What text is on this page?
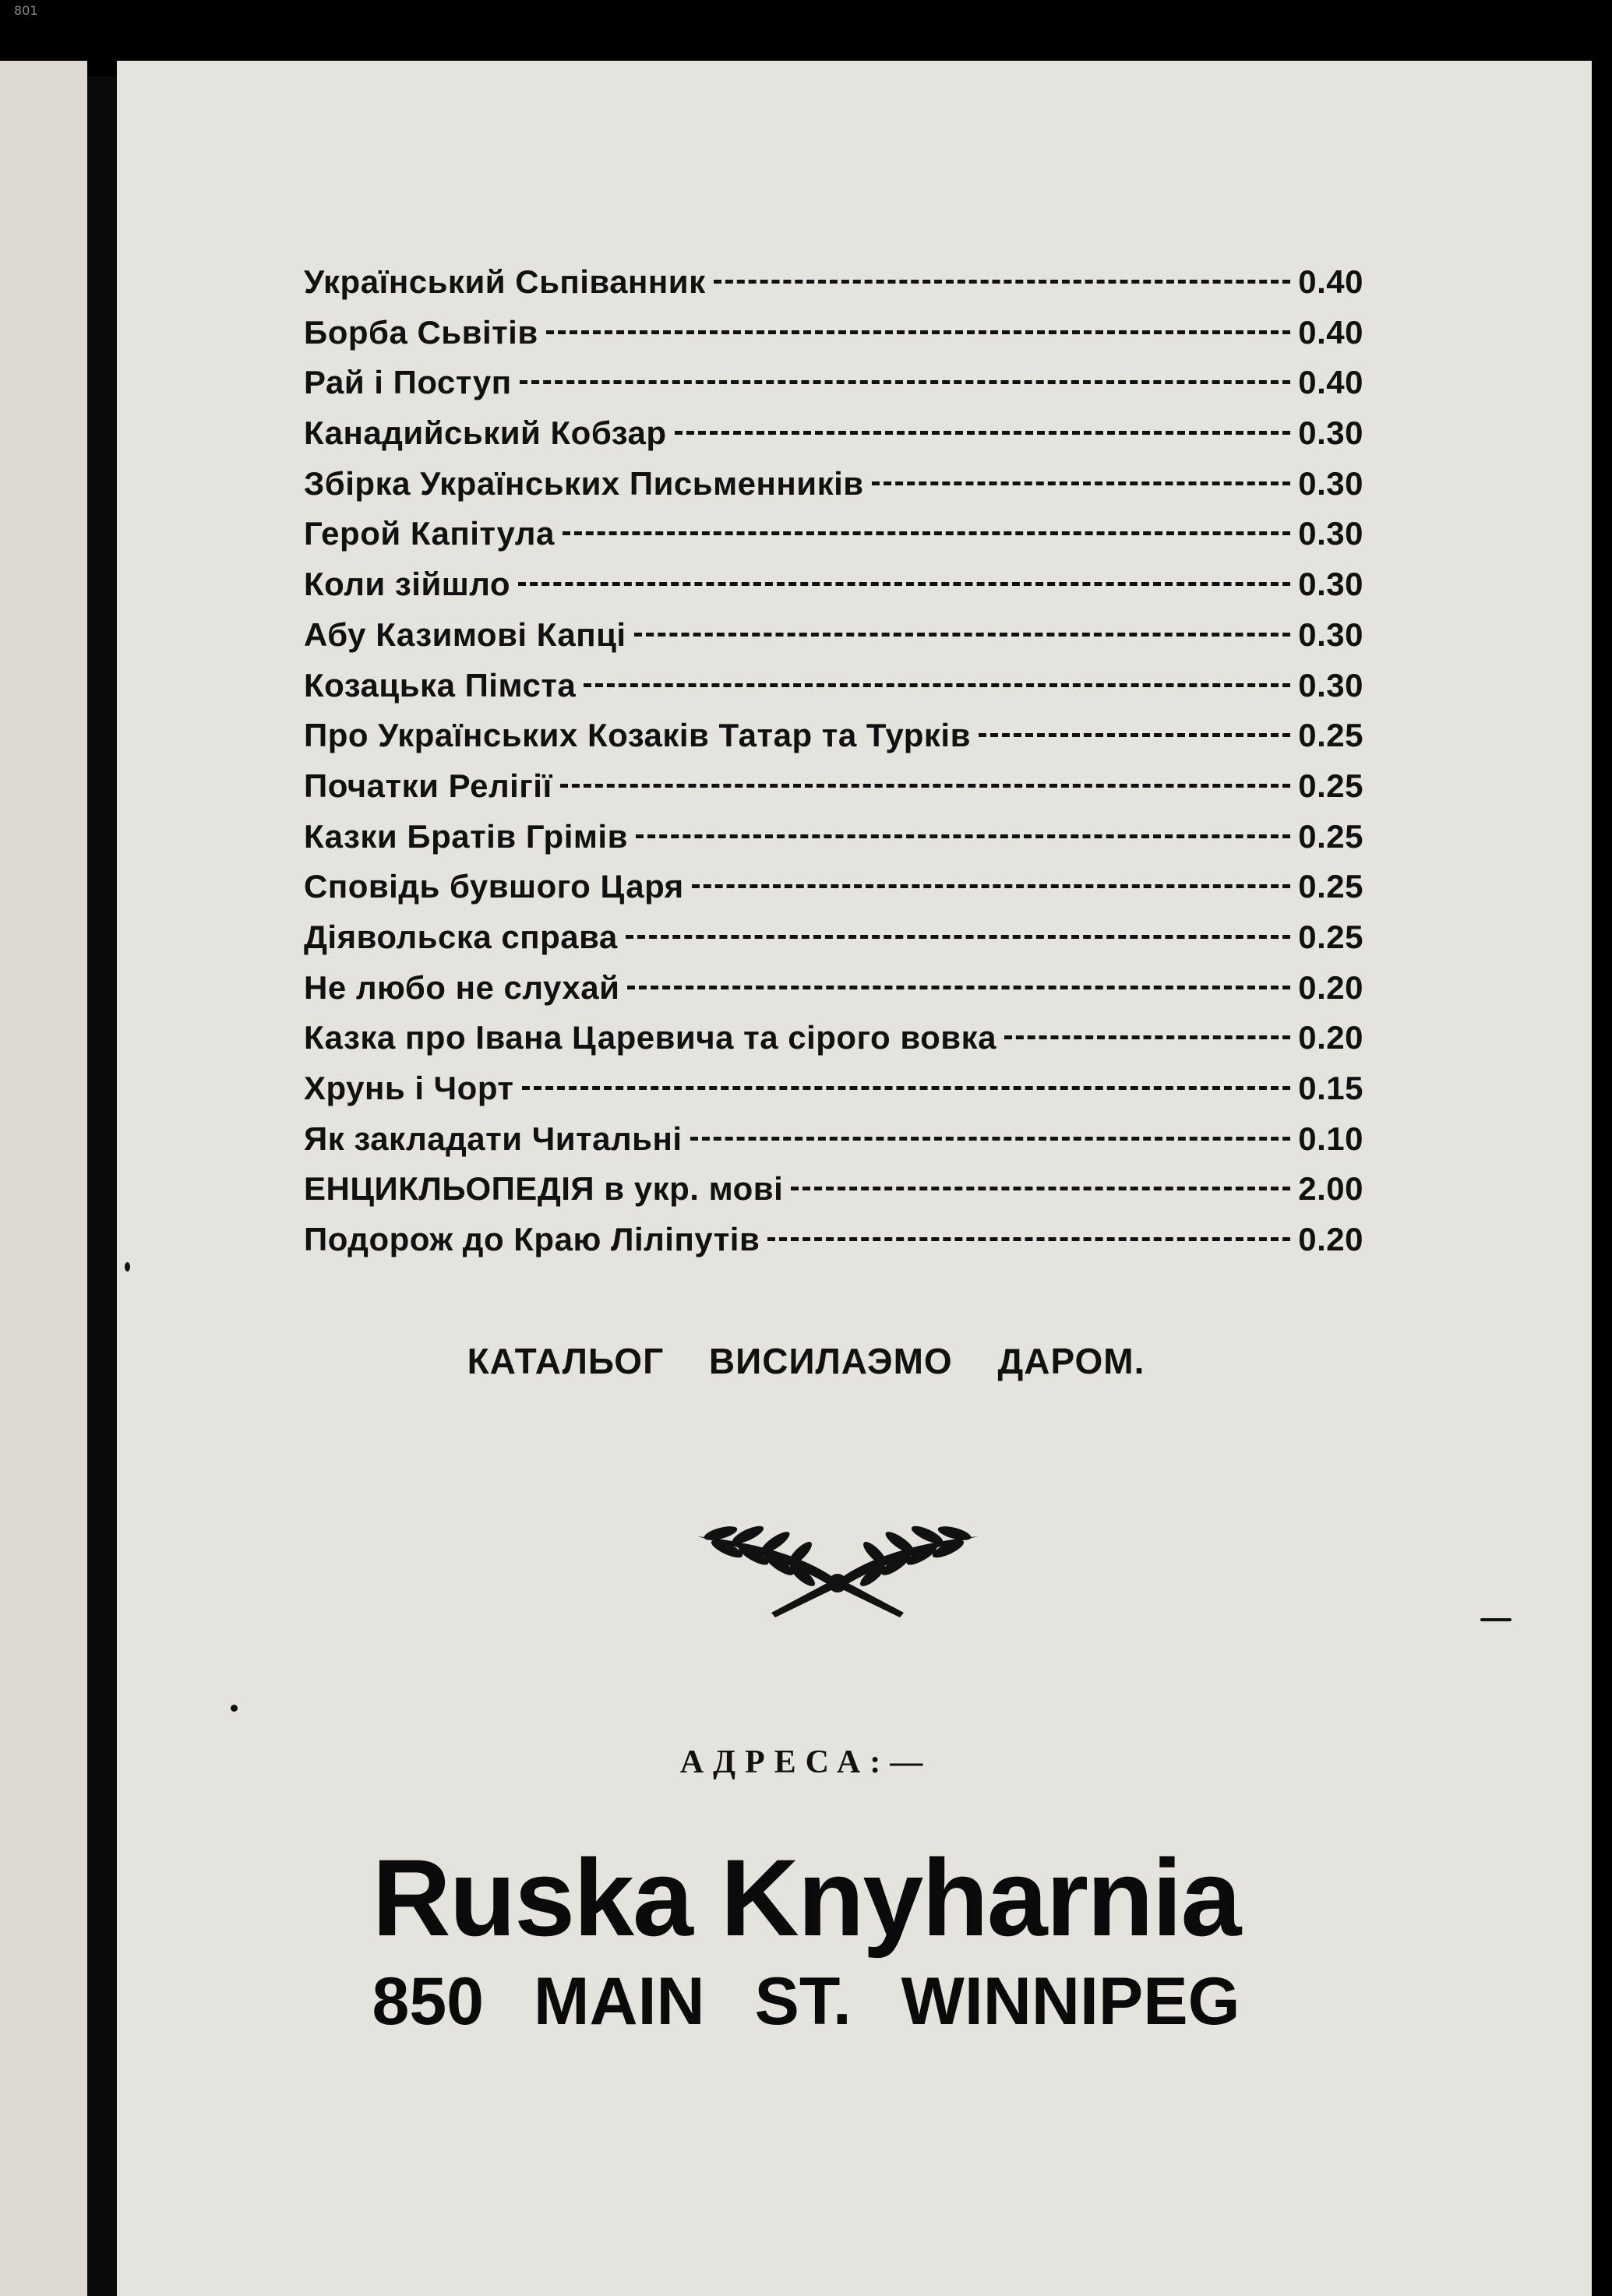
801
Український Сьпіванник	0.40
Борба Сьвітів	0.40
Рай і Поступ	0.40
Канадийський Кобзар	0.30
Збірка Українських Письменників	0.30
Герой Капітула	0.30
Коли зійшло	0.30
Абу Казимові Капці	0.30
Козацька Пімста	0.30
Про Українських Козаків Татар та Турків	0.25
Початки Релігії	0.25
Казки Братів Грімів	0.25
Сповідь бувшого Царя	0.25
Діявольска справа	0.25
Не любо не слухай	0.20
Казка про Івана Царевича та сірого вовка	0.20
Хрунь і Чорт	0.15
Як закладати Читальні	0.10
ЕНЦИКЛЬОПЕДІЯ в укр. мові	2.00
Подорож до Краю Ліліпутів	0.20
КАТАЛЬОГ ВИСИЛАЭМО ДАРОМ.
АДРЕСА:—
Ruska Knyharnia
850 MAIN ST. WINNIPEG
